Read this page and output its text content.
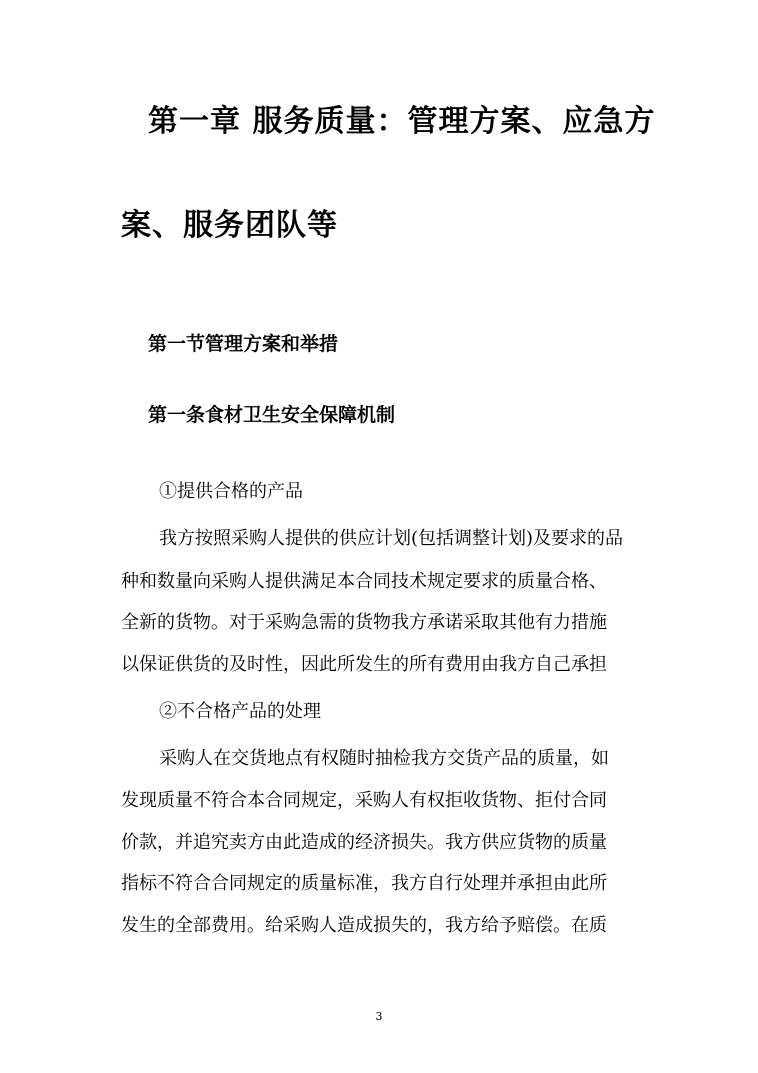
第一章 服务质量：管理方案、应急方
案、服务团队等
第一节管理方案和举措
第一条食材卫生安全保障机制
①提供合格的产品
我方按照采购人提供的供应计划(包括调整计划)及要求的品
种和数量向采购人提供满足本合同技术规定要求的质量合格、
全新的货物。对于采购急需的货物我方承诺采取其他有力措施
以保证供货的及时性，因此所发生的所有费用由我方自己承担
②不合格产品的处理
采购人在交货地点有权随时抽检我方交货产品的质量，如
发现质量不符合本合同规定，采购人有权拒收货物、拒付合同
价款，并追究卖方由此造成的经济损失。我方供应货物的质量
指标不符合合同规定的质量标准，我方自行处理并承担由此所
发生的全部费用。给采购人造成损失的，我方给予赔偿。在质
3
